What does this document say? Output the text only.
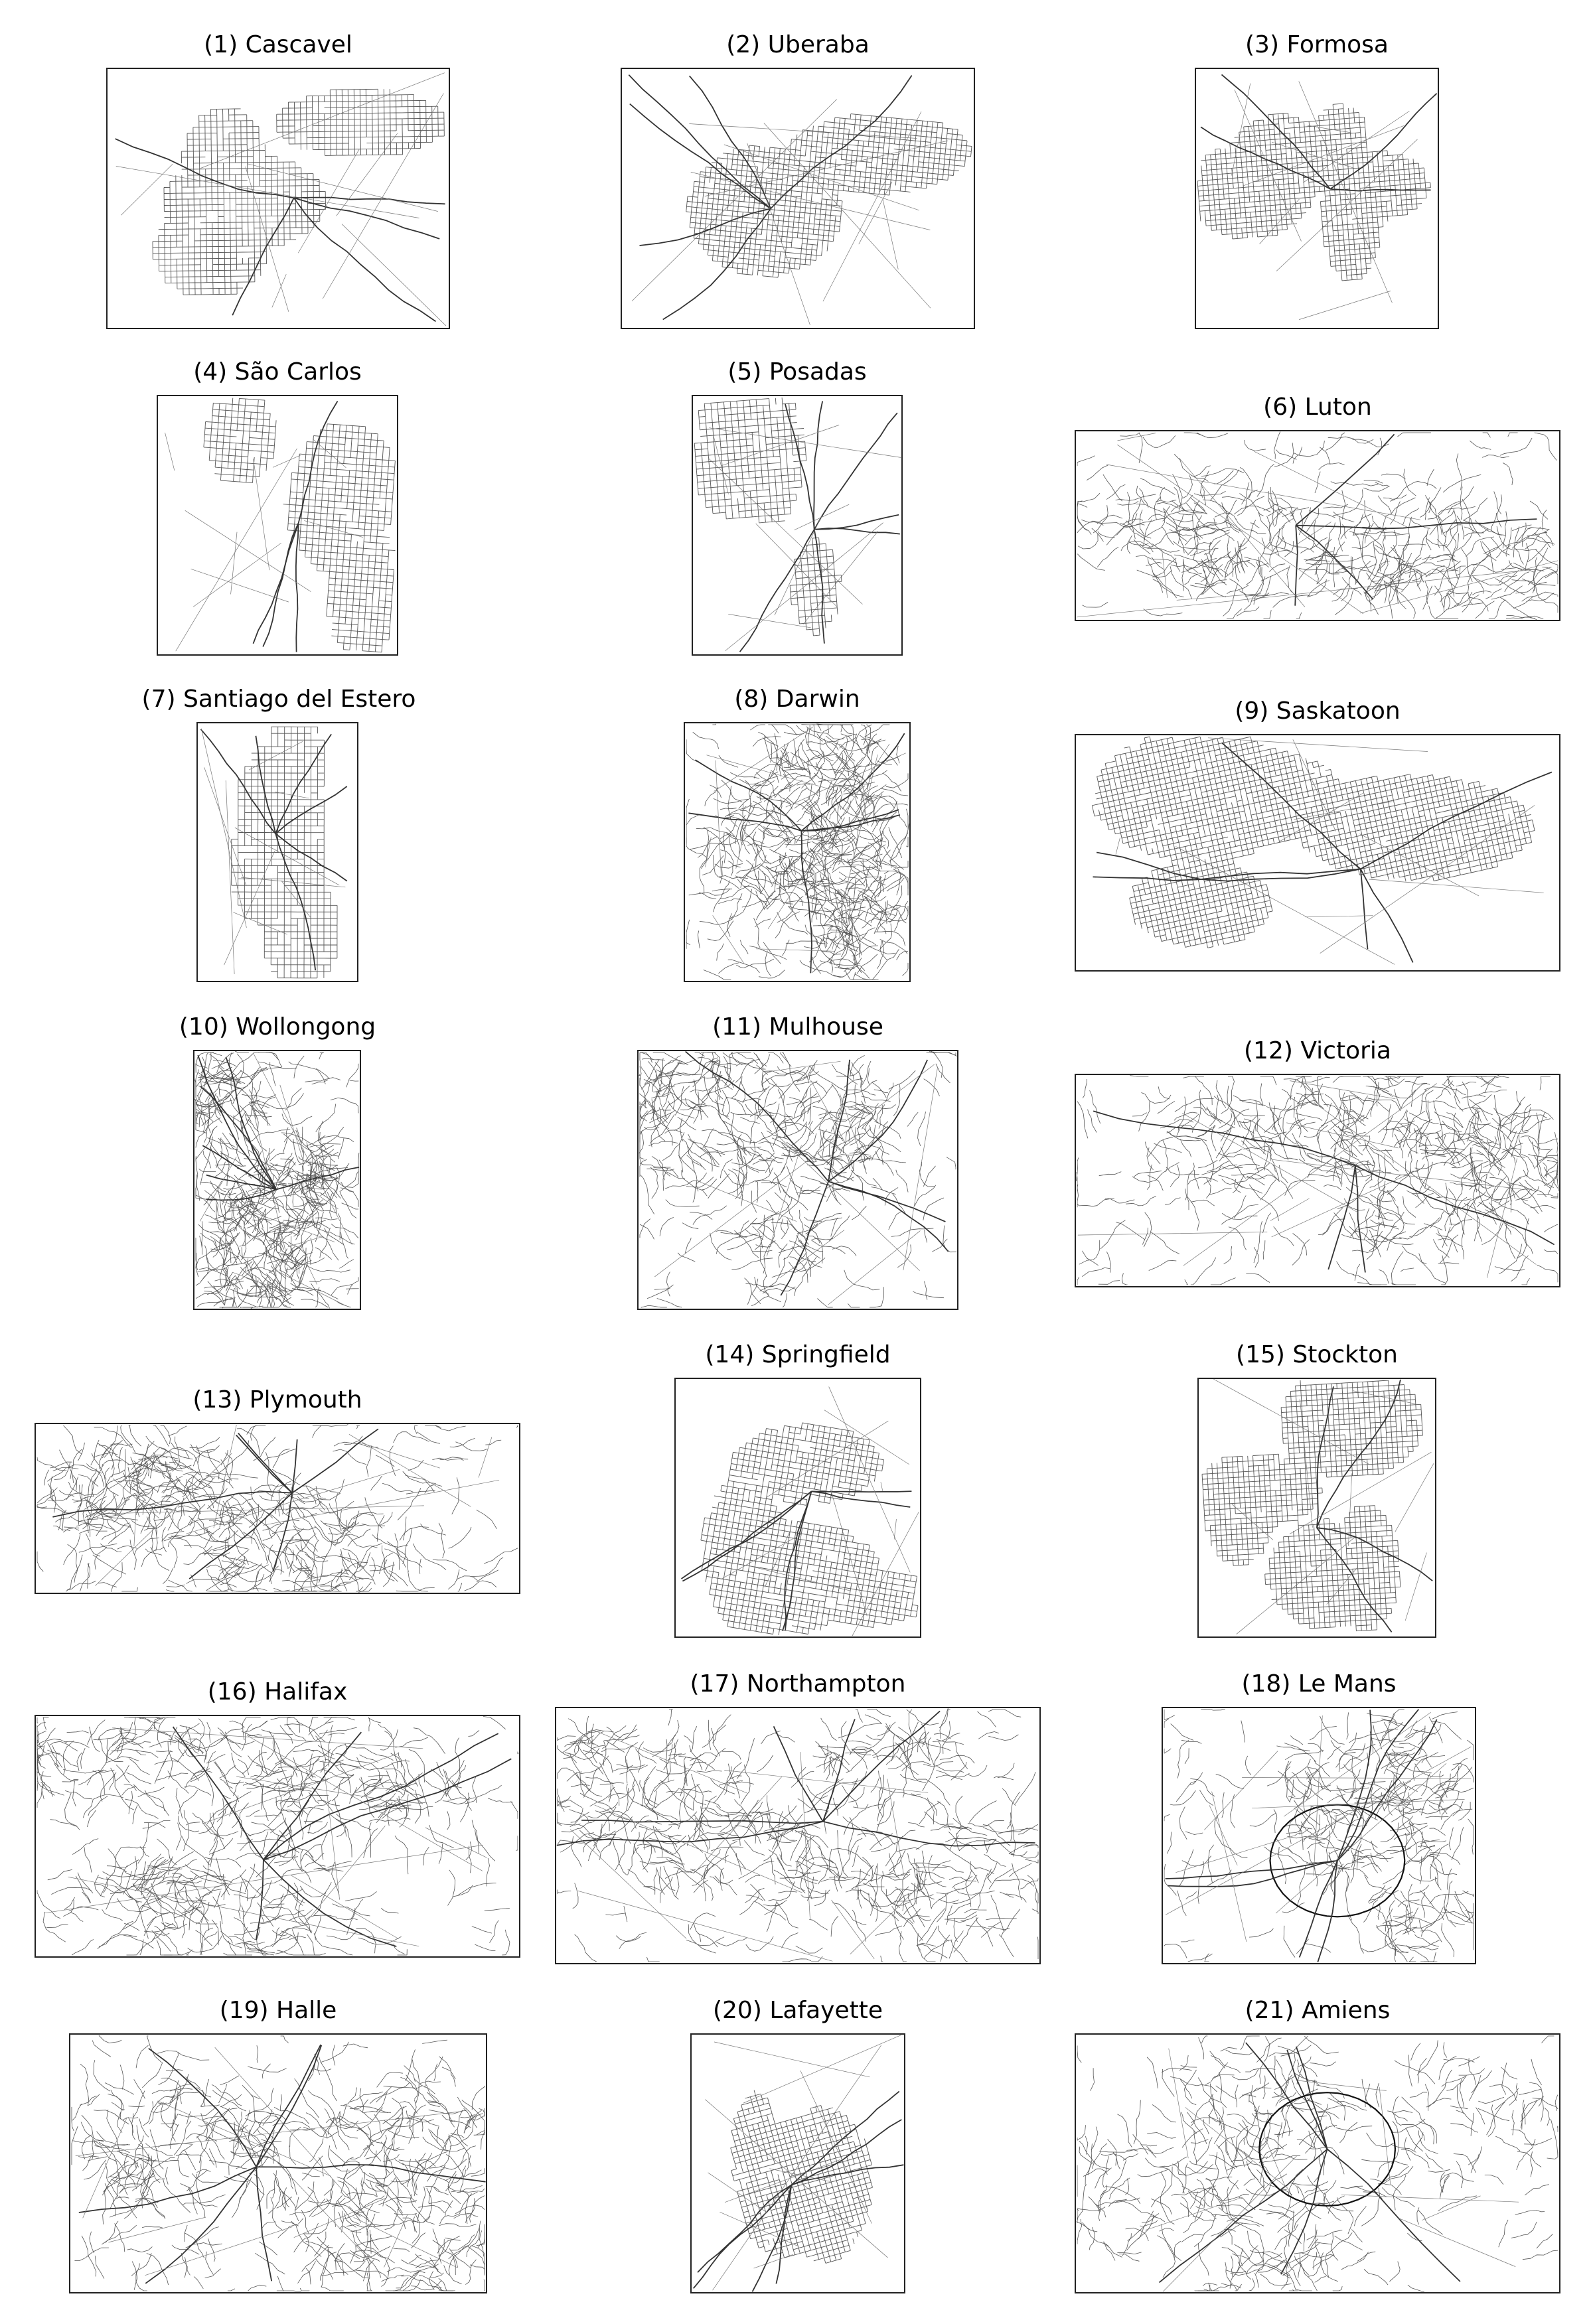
(1) Cascavel	(2) Uberaba	(3) Formosa
(4) São Carlos	(5) Posadas
(6) Luton
(7) Santiago del Estero	(8) Darwin	(9) Saskatoon
(10) Wollongong	(11) Mulhouse
(12) Victoria
(13) Plymouth
(14) Springfield	(15) Stockton
(16) Halifax	(17) Northampton	(18) Le Mans
(19) Halle	(20) Lafayette	(21) Amiens
